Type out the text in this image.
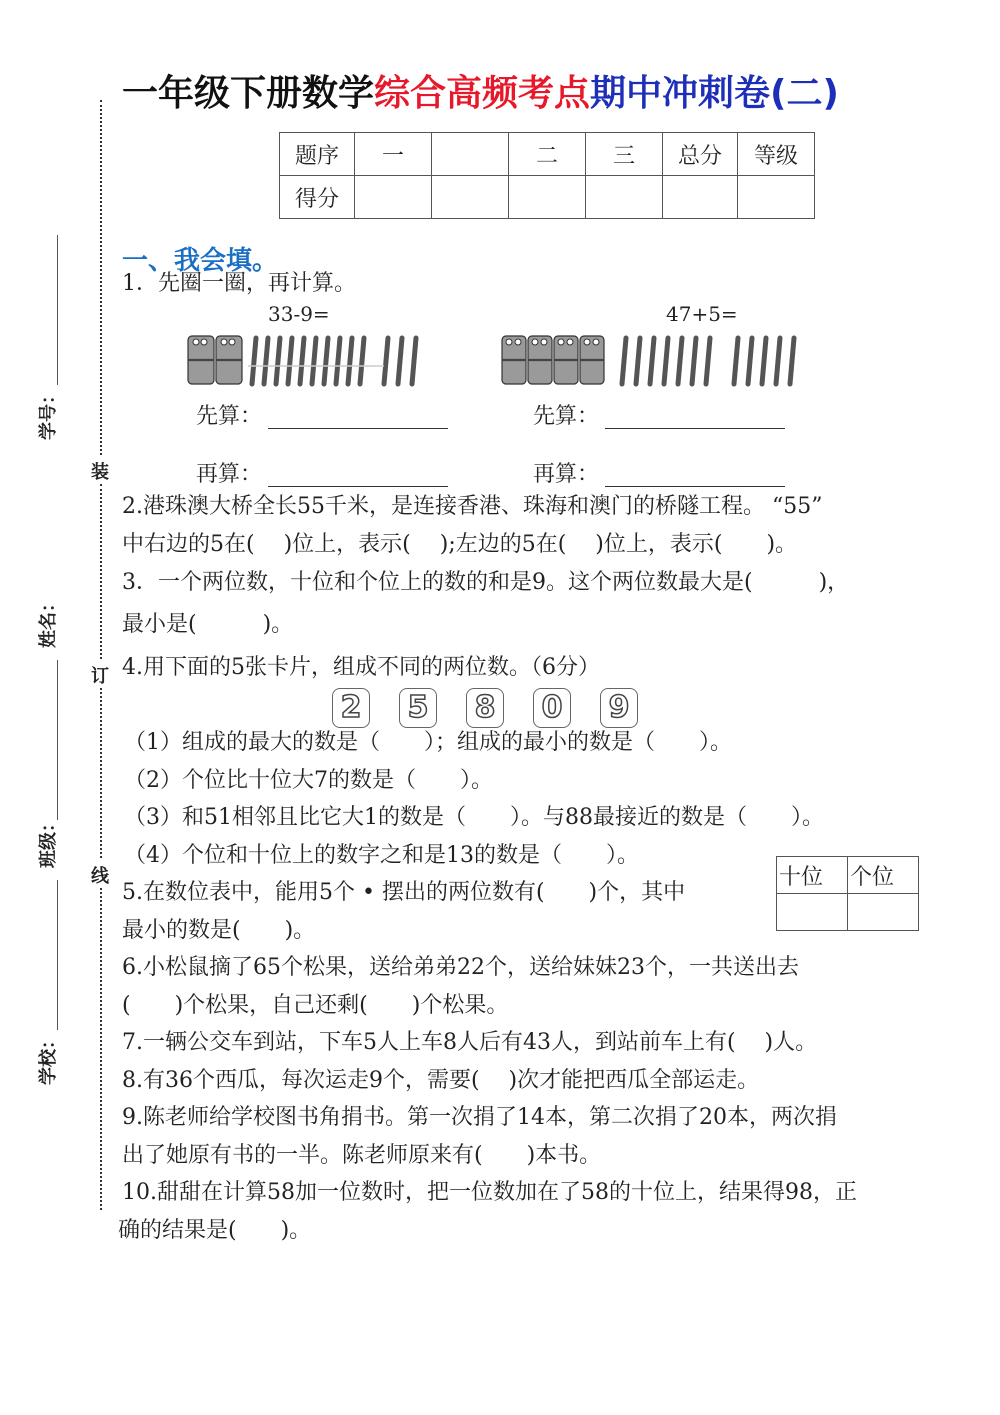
一年级下册数学综合高频考点期中冲刺卷(二)
题序	一		二	三	总分	等级
得分						
装
订
线
学号：
姓名：
班级：
学校：
一、我会填。
1．先圈一圈，再计算。
33-9=	47+5=
先算：	先算：
再算：	再算：
2.港珠澳大桥全长55千米，是连接香港、珠海和澳门的桥隧工程。 “55”
中右边的5在(　 )位上，表示(　 );左边的5在(　 )位上，表示(　　)。
3．一个两位数，十位和个位上的数的和是9。这个两位数最大是(　　　)，
最小是(　　　)。
4.用下面的5张卡片，组成不同的两位数。（6分）
2 5 8 0 9
（1）组成的最大的数是（　　）；组成的最小的数是（　　）。
（2）个位比十位大7的数是（　　）。
（3）和51相邻且比它大1的数是（　　）。与88最接近的数是（　　）。
（4）个位和十位上的数字之和是13的数是（　　）。
5.在数位表中，能用5个 • 摆出的两位数有(　　)个，其中
最小的数是(　　)。
十位	个位

6.小松鼠摘了65个松果，送给弟弟22个，送给妹妹23个，一共送出去
(　　)个松果，自己还剩(　　)个松果。
7.一辆公交车到站，下车5人上车8人后有43人，到站前车上有(　 )人。
8.有36个西瓜，每次运走9个，需要(　 )次才能把西瓜全部运走。
9.陈老师给学校图书角捐书。第一次捐了14本，第二次捐了20本，两次捐
出了她原有书的一半。陈老师原来有(　　)本书。
10.甜甜在计算58加一位数时，把一位数加在了58的十位上，结果得98，正
确的结果是(　　)。
